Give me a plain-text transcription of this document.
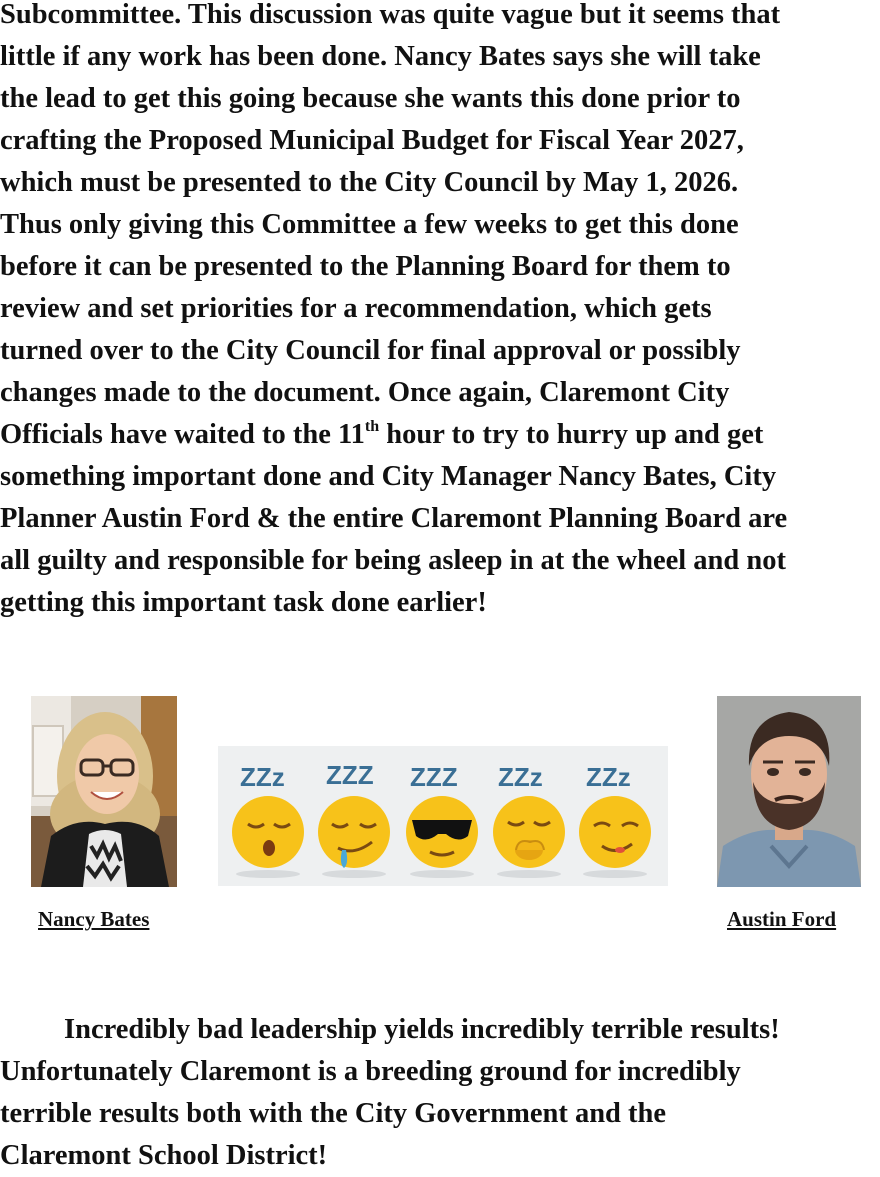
Subcommittee. This discussion was quite vague but it seems that
little if any work has been done. Nancy Bates says she will take
the lead to get this going because she wants this done prior to
crafting the Proposed Municipal Budget for Fiscal Year 2027,
which must be presented to the City Council by May 1, 2026.
Thus only giving this Committee a few weeks to get this done
before it can be presented to the Planning Board for them to
review and set priorities for a recommendation, which gets
turned over to the City Council for final approval or possibly
changes made to the document. Once again, Claremont City
Officials have waited to the 11th hour to try to hurry up and get
something important done and City Manager Nancy Bates, City
Planner Austin Ford & the entire Claremont Planning Board are
all guilty and responsible for being asleep in at the wheel and not
getting this important task done earlier!
ZZz ZZZ ZZZ ZZz ZZz

Nancy Bates	Austin Ford

Incredibly bad leadership yields incredibly terrible results!
Unfortunately Claremont is a breeding ground for incredibly
terrible results both with the City Government and the
Claremont School District!
